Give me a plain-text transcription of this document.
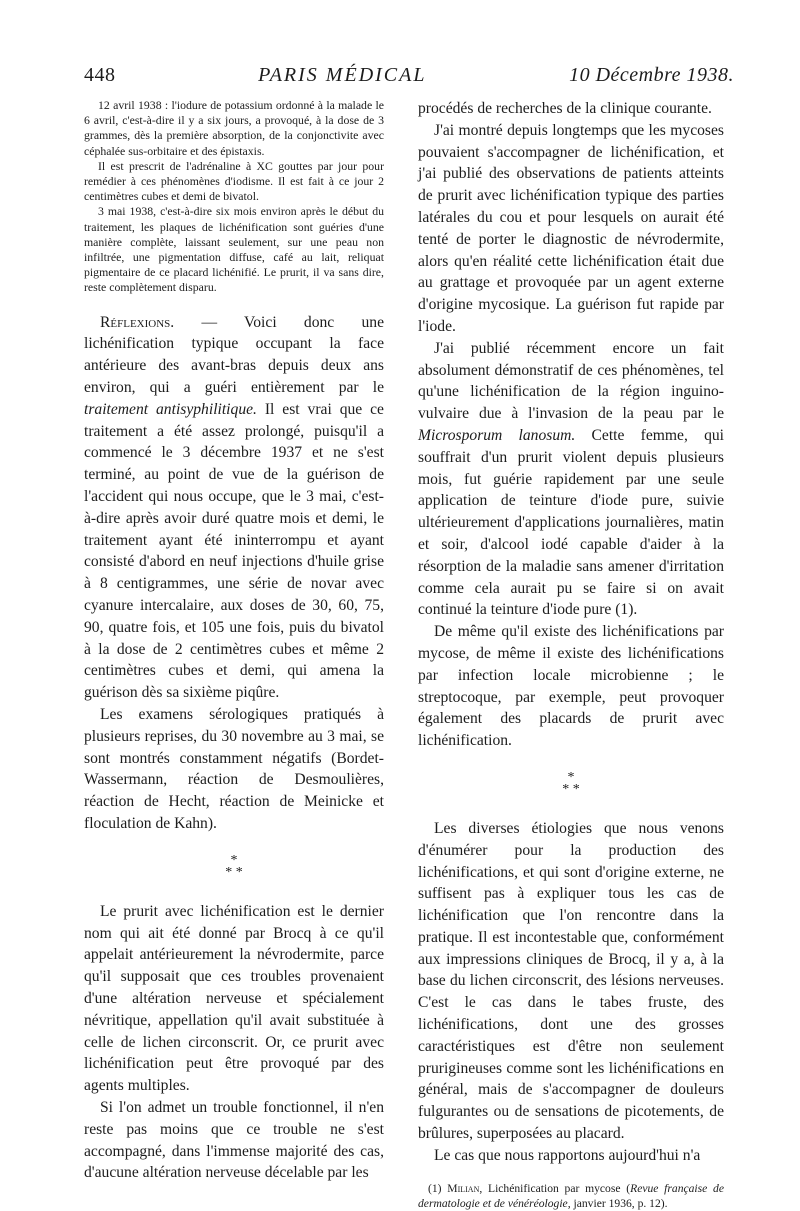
448	PARIS MÉDICAL	10 Décembre 1938.

12 avril 1938 : l'iodure de potassium ordonné à la malade le 6 avril, c'est-à-dire il y a six jours, a provoqué, à la dose de 3 grammes, dès la première absorption, de la conjonctivite avec céphalée sus-orbitaire et des épistaxis.

Il est prescrit de l'adrénaline à XC gouttes par jour pour remédier à ces phénomènes d'iodisme. Il est fait à ce jour 2 centimètres cubes et demi de bivatol.

3 mai 1938, c'est-à-dire six mois environ après le début du traitement, les plaques de lichénification sont guéries d'une manière complète, laissant seulement, sur une peau non infiltrée, une pigmentation diffuse, café au lait, reliquat pigmentaire de ce placard lichénifié. Le prurit, il va sans dire, reste complètement disparu.

Réflexions. — Voici donc une lichénification typique occupant la face antérieure des avant-bras depuis deux ans environ, qui a guéri entièrement par le traitement antisyphilitique. Il est vrai que ce traitement a été assez prolongé, puisqu'il a commencé le 3 décembre 1937 et ne s'est terminé, au point de vue de la guérison de l'accident qui nous occupe, que le 3 mai, c'est-à-dire après avoir duré quatre mois et demi, le traitement ayant été ininterrompu et ayant consisté d'abord en neuf injections d'huile grise à 8 centigrammes, une série de novar avec cyanure intercalaire, aux doses de 30, 60, 75, 90, quatre fois, et 105 une fois, puis du bivatol à la dose de 2 centimètres cubes et même 2 centimètres cubes et demi, qui amena la guérison dès sa sixième piqûre.

Les examens sérologiques pratiqués à plusieurs reprises, du 30 novembre au 3 mai, se sont montrés constamment négatifs (Bordet-Wassermann, réaction de Desmoulières, réaction de Hecht, réaction de Meinicke et floculation de Kahn).

*
* *

Le prurit avec lichénification est le dernier nom qui ait été donné par Brocq à ce qu'il appelait antérieurement la névrodermite, parce qu'il supposait que ces troubles provenaient d'une altération nerveuse et spécialement névritique, appellation qu'il avait substituée à celle de lichen circonscrit. Or, ce prurit avec lichénification peut être provoqué par des agents multiples.

Si l'on admet un trouble fonctionnel, il n'en reste pas moins que ce trouble ne s'est accompagné, dans l'immense majorité des cas, d'aucune altération nerveuse décelable par les

procédés de recherches de la clinique courante.

J'ai montré depuis longtemps que les mycoses pouvaient s'accompagner de lichénification, et j'ai publié des observations de patients atteints de prurit avec lichénification typique des parties latérales du cou et pour lesquels on aurait été tenté de porter le diagnostic de névrodermite, alors qu'en réalité cette lichénification était due au grattage et provoquée par un agent externe d'origine mycosique. La guérison fut rapide par l'iode.

J'ai publié récemment encore un fait absolument démonstratif de ces phénomènes, tel qu'une lichénification de la région inguino-vulvaire due à l'invasion de la peau par le Microsporum lanosum. Cette femme, qui souffrait d'un prurit violent depuis plusieurs mois, fut guérie rapidement par une seule application de teinture d'iode pure, suivie ultérieurement d'applications journalières, matin et soir, d'alcool iodé capable d'aider à la résorption de la maladie sans amener d'irritation comme cela aurait pu se faire si on avait continué la teinture d'iode pure (1).

De même qu'il existe des lichénifications par mycose, de même il existe des lichénifications par infection locale microbienne ; le streptocoque, par exemple, peut provoquer également des placards de prurit avec lichénification.

*
* *

Les diverses étiologies que nous venons d'énumérer pour la production des lichénifications, et qui sont d'origine externe, ne suffisent pas à expliquer tous les cas de lichénification que l'on rencontre dans la pratique. Il est incontestable que, conformément aux impressions cliniques de Brocq, il y a, à la base du lichen circonscrit, des lésions nerveuses. C'est le cas dans le tabes fruste, des lichénifications, dont une des grosses caractéristiques est d'être non seulement prurigineuses comme sont les lichénifications en général, mais de s'accompagner de douleurs fulgurantes ou de sensations de picotements, de brûlures, superposées au placard.

Le cas que nous rapportons aujourd'hui n'a

(1) Milian, Lichénification par mycose (Revue française de dermatologie et de vénéréologie, janvier 1936, p. 12).
